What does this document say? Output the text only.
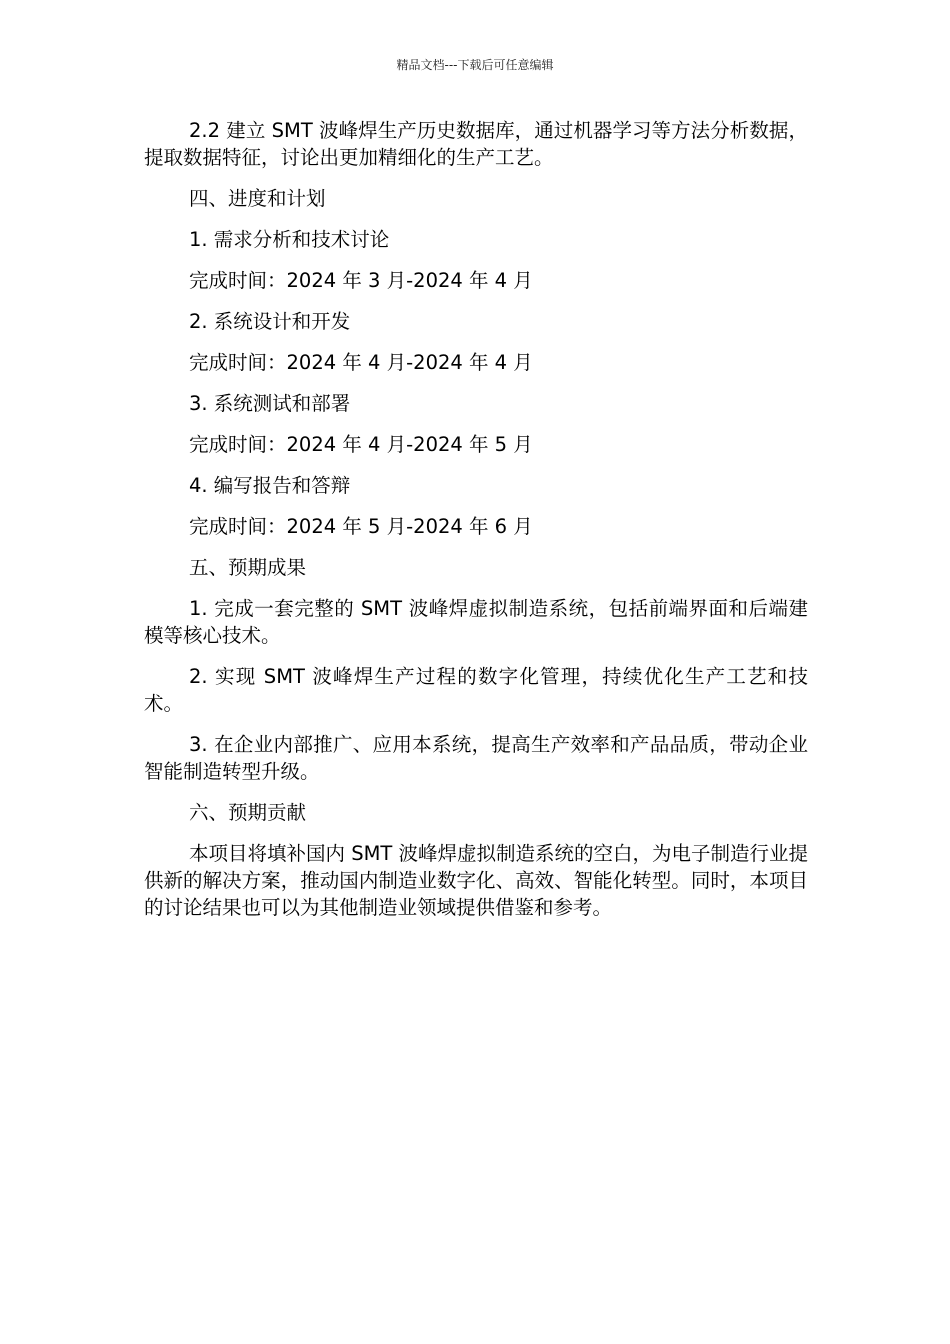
精品文档---下载后可任意编辑

2.2 建立 SMT 波峰焊生产历史数据库，通过机器学习等方法分析数据，提取数据特征，讨论出更加精细化的生产工艺。

四、进度和计划

1. 需求分析和技术讨论

完成时间：2024 年 3 月-2024 年 4 月

2. 系统设计和开发

完成时间：2024 年 4 月-2024 年 4 月

3. 系统测试和部署

完成时间：2024 年 4 月-2024 年 5 月

4. 编写报告和答辩

完成时间：2024 年 5 月-2024 年 6 月

五、预期成果

1. 完成一套完整的 SMT 波峰焊虚拟制造系统，包括前端界面和后端建模等核心技术。

2. 实现 SMT 波峰焊生产过程的数字化管理，持续优化生产工艺和技术。

3. 在企业内部推广、应用本系统，提高生产效率和产品品质，带动企业智能制造转型升级。

六、预期贡献

本项目将填补国内 SMT 波峰焊虚拟制造系统的空白，为电子制造行业提供新的解决方案，推动国内制造业数字化、高效、智能化转型。同时，本项目的讨论结果也可以为其他制造业领域提供借鉴和参考。
